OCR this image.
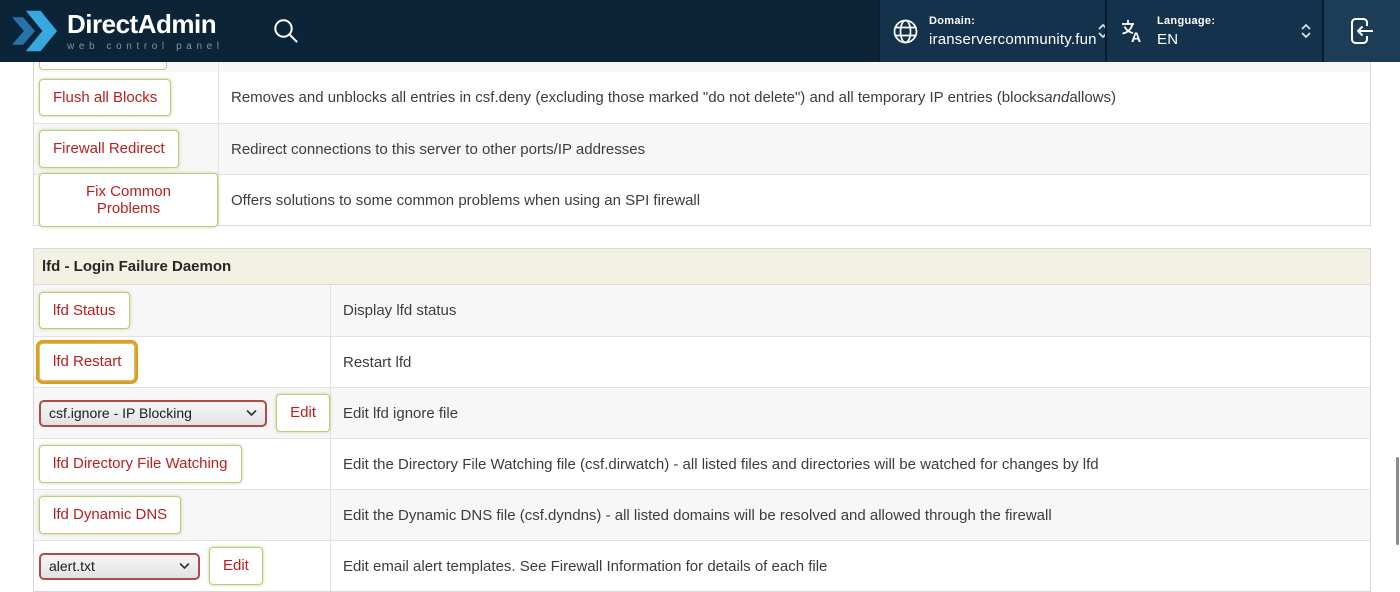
DirectAdmin
web control panel
Domain:
iranservercommunity.fun A
Language:
EN
Flush all Blocks	Removes and unblocks all entries in csf.deny (excluding those marked "do not delete") and all temporary IP entries (blocks and allows)
Firewall Redirect	Redirect connections to this server to other ports/IP addresses
Fix Common Problems	Offers solutions to some common problems when using an SPI firewall
lfd - Login Failure Daemon
lfd Status	Display lfd status
lfd Restart	Restart lfd
csf.ignore - IP Blocking	Edit	Edit lfd ignore file
lfd Directory File Watching	Edit the Directory File Watching file (csf.dirwatch) - all listed files and directories will be watched for changes by lfd
lfd Dynamic DNS	Edit the Dynamic DNS file (csf.dyndns) - all listed domains will be resolved and allowed through the firewall
alert.txt	Edit	Edit email alert templates. See Firewall Information for details of each file
